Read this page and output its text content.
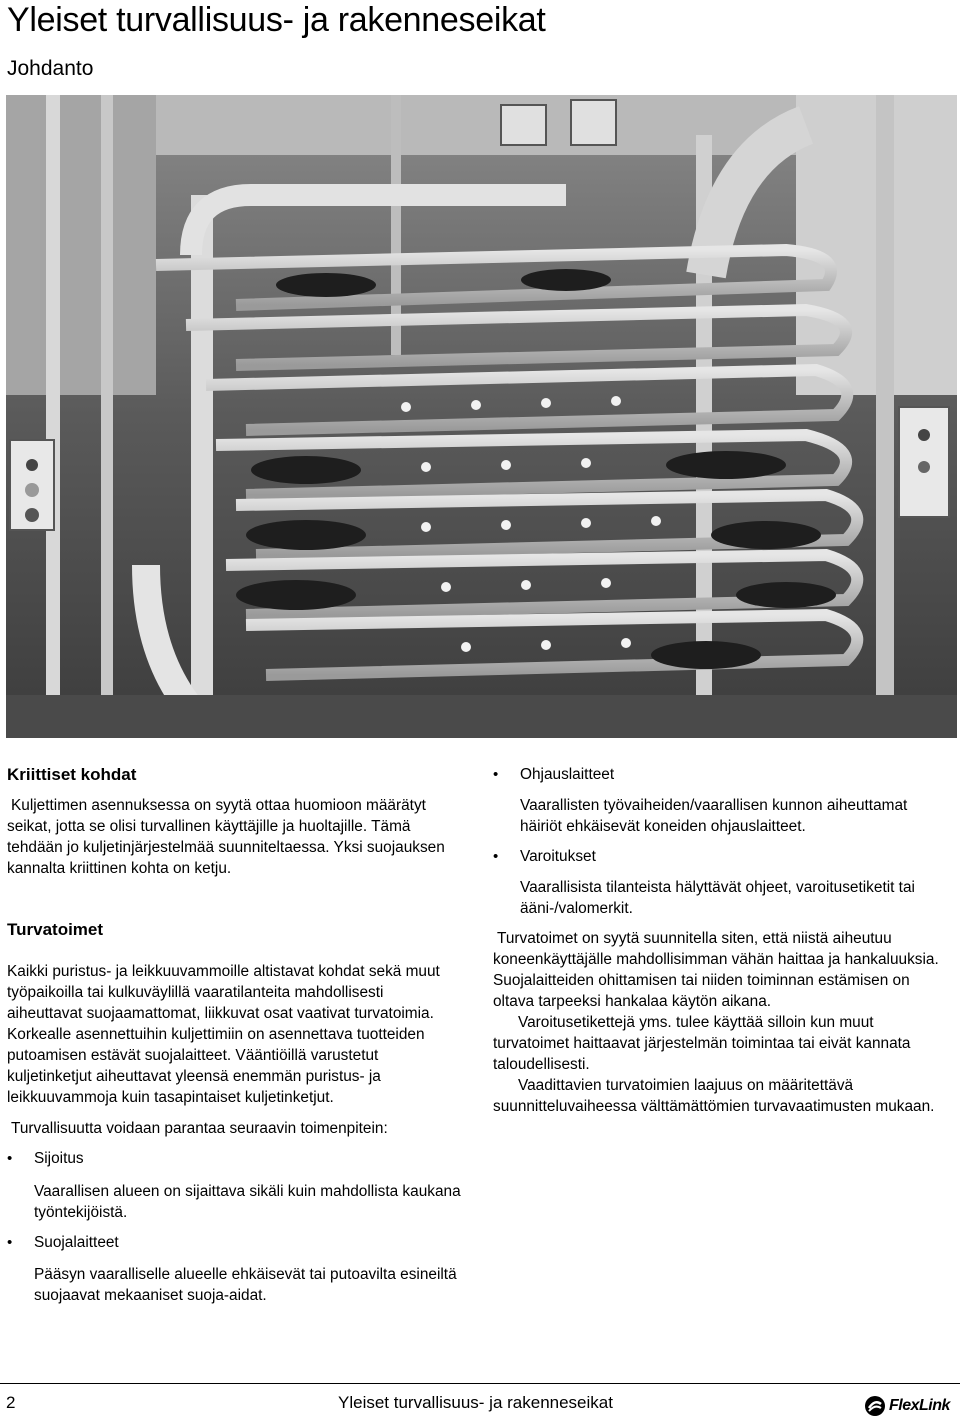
Yleiset turvallisuus- ja rakenneseikat
Johdanto
Kriittiset kohdat

Kuljettimen asennuksessa on syytä ottaa huomioon määrätyt seikat, jotta se olisi turvallinen käyttäjille ja huoltajille. Tämä tehdään jo kuljetinjärjestelmää suunniteltaessa. Yksi suojauksen kannalta kriittinen kohta on ketju.

Turvatoimet

Kaikki puristus- ja leikkuuvammoille altistavat kohdat sekä muut työpaikoilla tai kulkuväylillä vaaratilanteita mahdollisesti aiheuttavat suojaamattomat, liikkuvat osat vaativat turvatoimia. Korkealle asennettuihin kuljettimiin on asennettava tuotteiden putoamisen estävät suojalaitteet. Vääntiöillä varustetut kuljetinketjut aiheuttavat yleensä enemmän puristus- ja leikkuuvammoja kuin tasapintaiset kuljetinketjut.

Turvallisuutta voidaan parantaa seuraavin toimenpitein:

• Sijoitus
Vaarallisen alueen on sijaittava sikäli kuin mahdollista kaukana työntekijöistä.
• Suojalaitteet
Pääsyn vaaralliselle alueelle ehkäisevät tai putoavilta esineiltä suojaavat mekaaniset suoja-aidat.
• Ohjauslaitteet
Vaarallisten työvaiheiden/vaarallisen kunnon aiheuttamat häiriöt ehkäisevät koneiden ohjauslaitteet.
• Varoitukset
Vaarallisista tilanteista hälyttävät ohjeet, varoitusetiketit tai ääni-/valomerkit.

Turvatoimet on syytä suunnitella siten, että niistä aiheutuu koneenkäyttäjälle mahdollisimman vähän haittaa ja hankaluuksia. Suojalaitteiden ohittamisen tai niiden toiminnan estämisen on oltava tarpeeksi hankalaa käytön aikana.

Varoitusetikettejä yms. tulee käyttää silloin kun muut turvatoimet haittaavat järjestelmän toimintaa tai eivät kannata taloudellisesti.

Vaadittavien turvatoimien laajuus on määritettävä suunnitteluvaiheessa välttämättömien turvavaatimusten mukaan.

2	Yleiset turvallisuus- ja rakenneseikat	FlexLink
